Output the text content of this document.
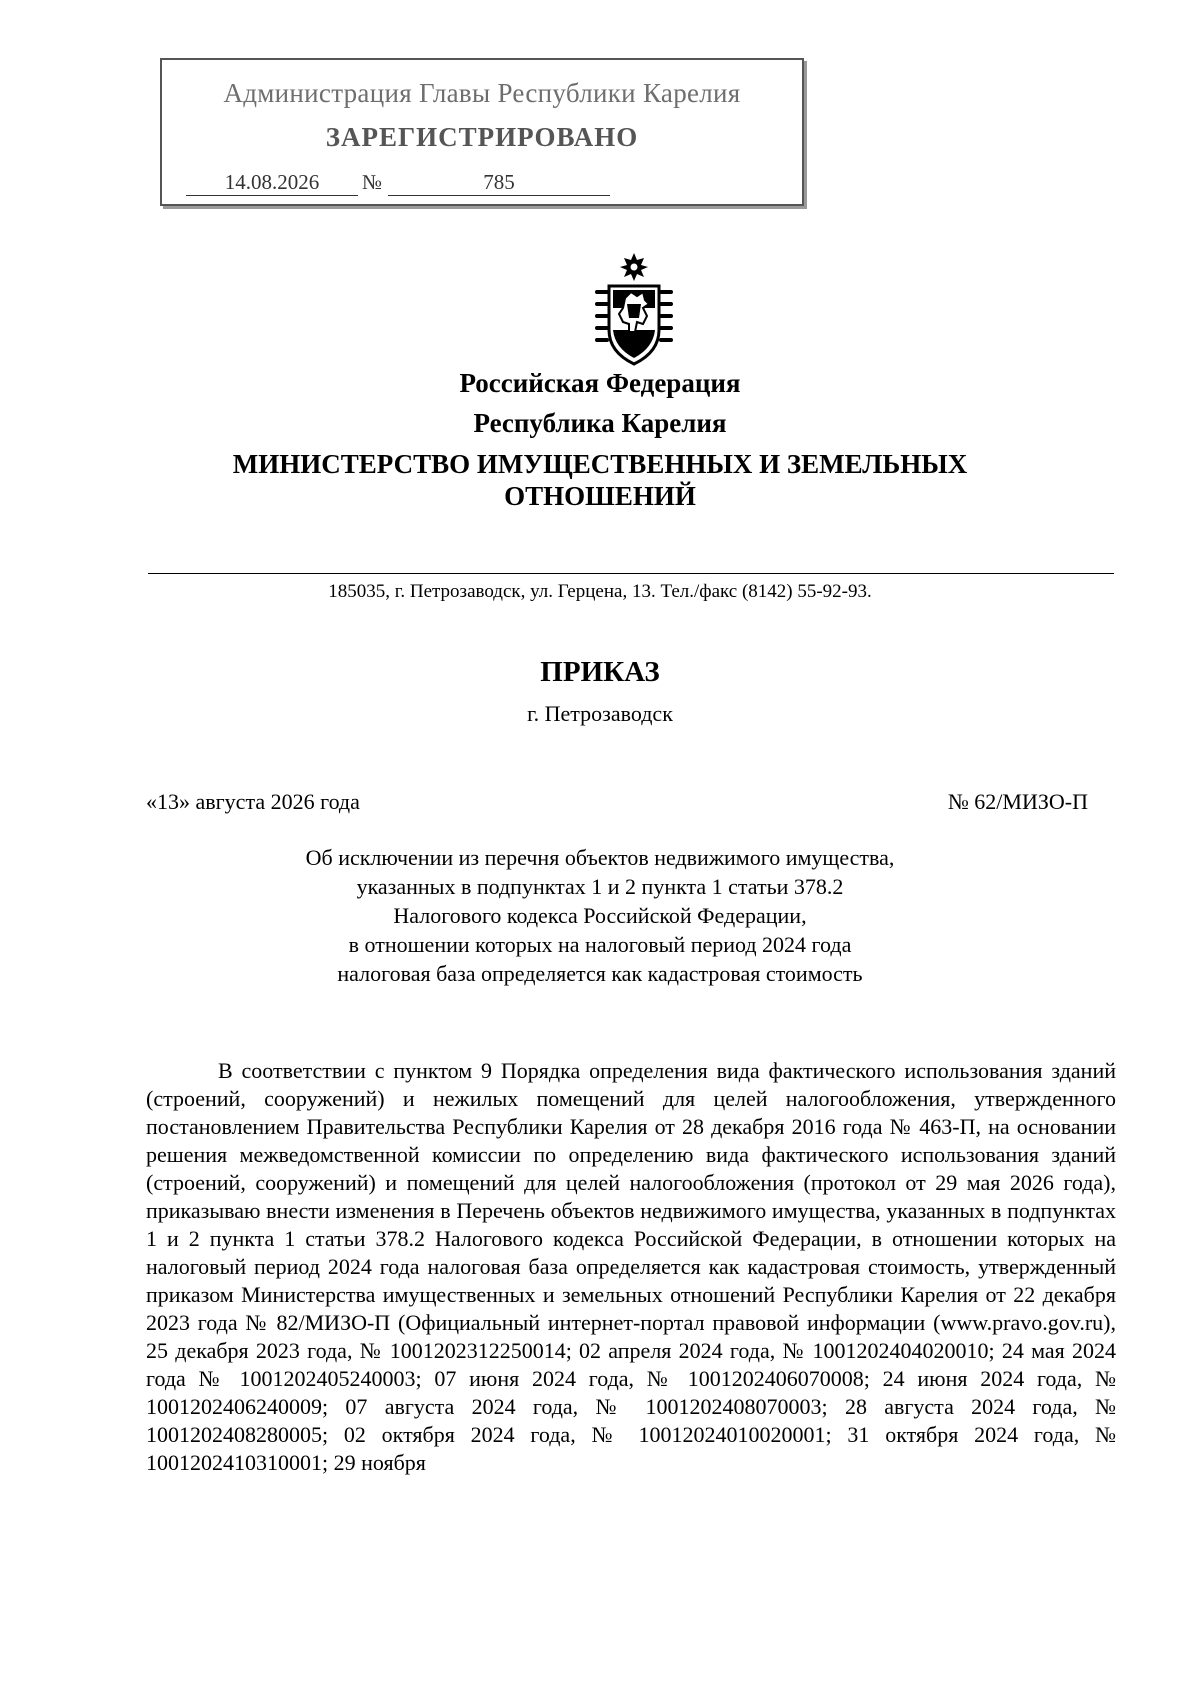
Администрация Главы Республики Карелия
ЗАРЕГИСТРИРОВАНО
14.08.2026	№	785
Российская Федерация
Республика Карелия
МИНИСТЕРСТВО ИМУЩЕСТВЕННЫХ И ЗЕМЕЛЬНЫХ
ОТНОШЕНИЙ
185035, г. Петрозаводск, ул. Герцена, 13. Тел./факс (8142) 55-92-93.
ПРИКАЗ
г. Петрозаводск
«13» августа 2026 года	№ 62/МИЗО-П
Об исключении из перечня объектов недвижимого имущества,
указанных в подпунктах 1 и 2 пункта 1 статьи 378.2
Налогового кодекса Российской Федерации,
в отношении которых на налоговый период 2024 года
налоговая база определяется как кадастровая стоимость
В соответствии с пунктом 9 Порядка определения вида фактического использования зданий (строений, сооружений) и нежилых помещений для целей налогообложения, утвержденного постановлением Правительства Республики Карелия от 28 декабря 2016 года № 463-П, на основании решения межведомственной комиссии по определению вида фактического использования зданий (строений, сооружений) и помещений для целей налогообложения (протокол от 29 мая 2026 года), приказываю внести изменения в Перечень объектов недвижимого имущества, указанных в подпунктах 1 и 2 пункта 1 статьи 378.2 Налогового кодекса Российской Федерации, в отношении которых на налоговый период 2024 года налоговая база определяется как кадастровая стоимость, утвержденный приказом Министерства имущественных и земельных отношений Республики Карелия от 22 декабря 2023 года № 82/МИЗО-П (Официальный интернет-портал правовой информации (www.pravo.gov.ru), 25 декабря 2023 года, № 1001202312250014; 02 апреля 2024 года, № 1001202404020010; 24 мая 2024 года № 1001202405240003; 07 июня 2024 года, № 1001202406070008; 24 июня 2024 года, № 1001202406240009; 07 августа 2024 года, № 1001202408070003; 28 августа 2024 года, № 1001202408280005; 02 октября 2024 года, № 10012024010020001; 31 октября 2024 года, № 1001202410310001; 29 ноября
